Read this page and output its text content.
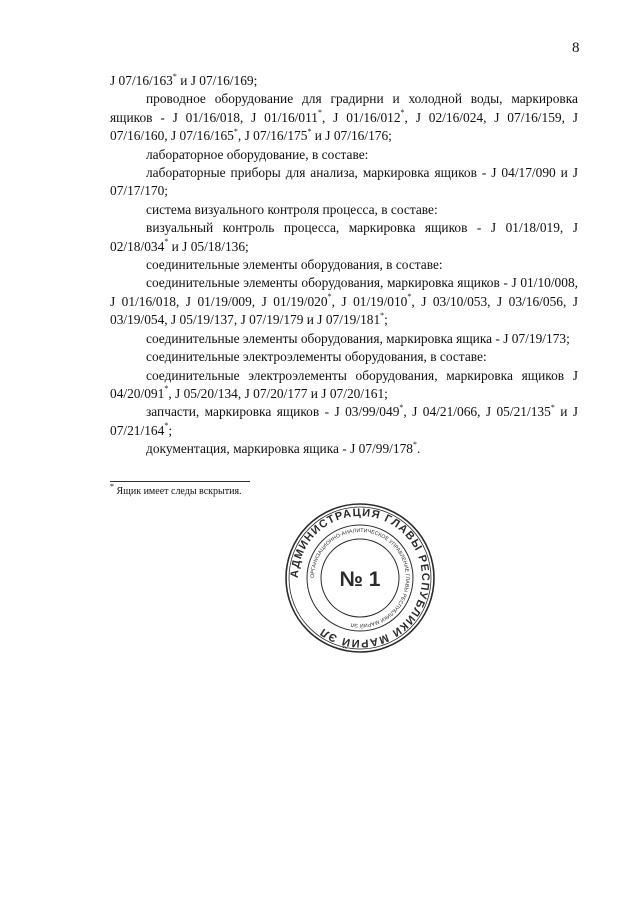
8
J 07/16/163* и J 07/16/169;
проводное оборудование для градирни и холодной воды, маркировка ящиков - J 01/16/018, J 01/16/011*, J 01/16/012*, J 02/16/024, J 07/16/159, J 07/16/160, J 07/16/165*, J 07/16/175* и J 07/16/176;
лабораторное оборудование, в составе:
лабораторные приборы для анализа, маркировка ящиков - J 04/17/090 и J 07/17/170;
система визуального контроля процесса, в составе:
визуальный контроль процесса, маркировка ящиков - J 01/18/019, J 02/18/034* и J 05/18/136;
соединительные элементы оборудования, в составе:
соединительные элементы оборудования, маркировка ящиков - J 01/10/008, J 01/16/018, J 01/19/009, J 01/19/020*, J 01/19/010*, J 03/10/053, J 03/16/056, J 03/19/054, J 05/19/137, J 07/19/179 и J 07/19/181*;
соединительные элементы оборудования, маркировка ящика - J 07/19/173;
соединительные электроэлементы оборудования, в составе:
соединительные электроэлементы оборудования, маркировка ящиков J 04/20/091*, J 05/20/134, J 07/20/177 и J 07/20/161;
запчасти, маркировка ящиков - J 03/99/049*, J 04/21/066, J 05/21/135* и J 07/21/164*;
документация, маркировка ящика - J 07/99/178*.
* Ящик имеет следы вскрытия.
АДМИНИСТРАЦИЯ ГЛАВЫ РЕСПУБЛИКИ МАРИЙ ЭЛ
ОРГАНИЗАЦИОННО-АНАЛИТИЧЕСКОЕ УПРАВЛЕНИЕ ГЛАВЫ РЕСПУБЛИКИ МАРИЙ ЭЛ
№ 1
